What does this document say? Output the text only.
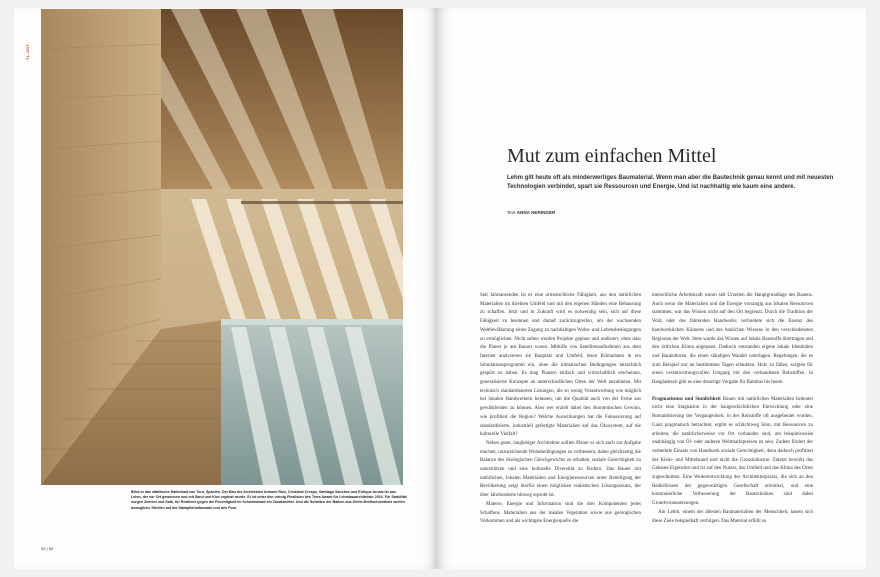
TL:ART
Blick in das städtische Hallenbad von Toro, Spanien. Der Bau der Architekten Antonio Ruiz, Cristóbal Crespo, Santiago Sánchez und Enrique Arnaiz ist aus Lehm, der vor Ort gewonnen und mit Sand und Kies ergänzt wurde. Er ist unter den vierzig Finalisten des Terra Award für Lehmbauarchitektur 2016. Für Stabilität sorgen Zement und Kalk, für Resilienz gegen die Feuchtigkeit im Schwimmbad ein Zusatzmittel. Und die Schatten der Balken aus Kiefer-Brettschichtholz werfen bewegliche Streifen auf die Stampflehmfassade und den Pool.
52 | 53
Mut zum einfachen Mittel
Lehm gilt heute oft als minderwertiges Baumaterial. Wenn man aber die Bautechnik genau kennt und mit neuesten Technologien verbindet, spart sie Ressourcen und Energie. Und ist nachhaltig wie kaum eine andere.
Text ANNA HERINGER

Seit Jahrtausenden ist es eine urmenschliche Fähigkeit, aus den natürlichen Materialien im direkten Umfeld und mit den eigenen Händen eine Behausung zu schaffen. Jetzt und in Zukunft wird es notwendig sein, sich auf diese Fähigkeit zu besinnen und darauf zurückzugreifen, um der wachsenden Weltbevölkerung einen Zugang zu nachhaltigen Wohn- und Lebensbedingungen zu ermöglichen. Nicht selten werden Projekte geplant und realisiert, ohne dass die Planer je am Bauort waren. Mithilfe von Satellitenaufnahmen aus dem Internet analysieren sie Bauplatz und Umfeld, lesen Klimadaten in ein Simulationsprogramm ein, ohne die klimatischen Bedingungen tatsächlich gespürt zu haben. Es mag Planern einfach und wirtschaftlich erscheinen, generalisierte Konzepte an unterschiedlichen Orten der Welt anzubieten. Mit technisch standardisierten Lösungen, die so wenig Verantwortung wie möglich bei lokalen Handwerkern belassen, um die Qualität auch von der Ferne aus gewährleisten zu können. Aber wer erzielt dabei den ökonomischen Gewinn, wie profitiert die Region? Welche Auswirkungen hat die Fokussierung auf standardisierte, industriell gefertigte Materialien auf das Ökosystem, auf die kulturelle Vielfalt?

Neben guter, langlebiger Architektur sollten Planer es sich auch zur Aufgabe machen, unzureichende Wohnbedingungen zu verbessern, dabei gleichzeitig die Balance des ökologischen Gleichgewichts zu erhalten, soziale Gerechtigkeit zu unterstützen und eine kulturelle Diversität zu fördern. Das Bauen mit natürlichen, lokalen Materialien und Energieressourcen unter Beteiligung der Bevölkerung zeigt hierfür einen möglichen realistischen Lösungsansatz, der über Jahrhunderte hinweg erprobt ist.

Materie, Energie und Information sind die drei Komponenten jedes Schaffens. Materialien aus der lokalen Vegetation sowie aus geologischen Vorkommen und als wichtigste Energiequelle die

menschliche Arbeitskraft waren seit Urzeiten die Hauptgrundlage des Bauens. Auch wenn die Materialien und die Energie vorrangig aus lokalen Ressourcen stammten, war das Wissen nicht auf den Ort begrenzt. Durch die Tradition der Walz oder des fahrenden Handwerks verbreitete sich die Essenz des handwerklichen Könnens und des baulichen Wissens in den verschiedensten Regionen der Welt. Stets wurde das Wissen auf lokale Baustoffe übertragen und den örtlichen Klima angepasst. Dadurch entstanden eigene lokale Identitäten und Baukulturen, die einen ständigen Wandel unterlagen. Regelungen, die es zum Beispiel nur an bestimmten Tagen erlaubten, Holz zu fällen, sorgten für einen verantwortungsvollen Umgang mit den vorhandenen Rohstoffen. In Bangladesch gibt es eine derartige Vorgabe für Bambus bis heute.

Pragmatismus und Sinnlichkeit Bauen mit natürlichen Materialien bedeutet nicht eine Stagnation in der baugeschichtlichen Entwicklung oder eine Romantisierung der Vergangenheit, in der Rohstoffe oft ausgebeutet wurden. Ganz pragmatisch betrachtet, ergibt es schlichtweg Sinn, mit Ressourcen zu arbeiten, die natürlicherweise vor Ort vorhanden sind, um beispielsweise unabhängig von Öl- oder anderen Weltmarktpreisen zu sein. Zudem fördert der vermehrte Einsatz von Handwerk soziale Gerechtigkeit, denn dadurch profitiert der Klein- und Mittelstand und nicht die Grossindustrie. Zuletzt bewirkt das Gebaute Eigensinn und ist auf den Nutzer, das Umfeld und das Klima des Ortes zugeschnitten. Eine Weiterentwicklung der Architekturpraxis, die sich an den Bedürfnissen der gegenwärtigen Gesellschaft orientiert, und eine kontinuierliche Verbesserung der Bautechniken sind dabei Grundvoraussetzungen.

Am Lehm, einem der ältesten Baumaterialien der Menschheit, lassen sich diese Ziele beispielhaft verfolgen. Das Material erfüllt so
